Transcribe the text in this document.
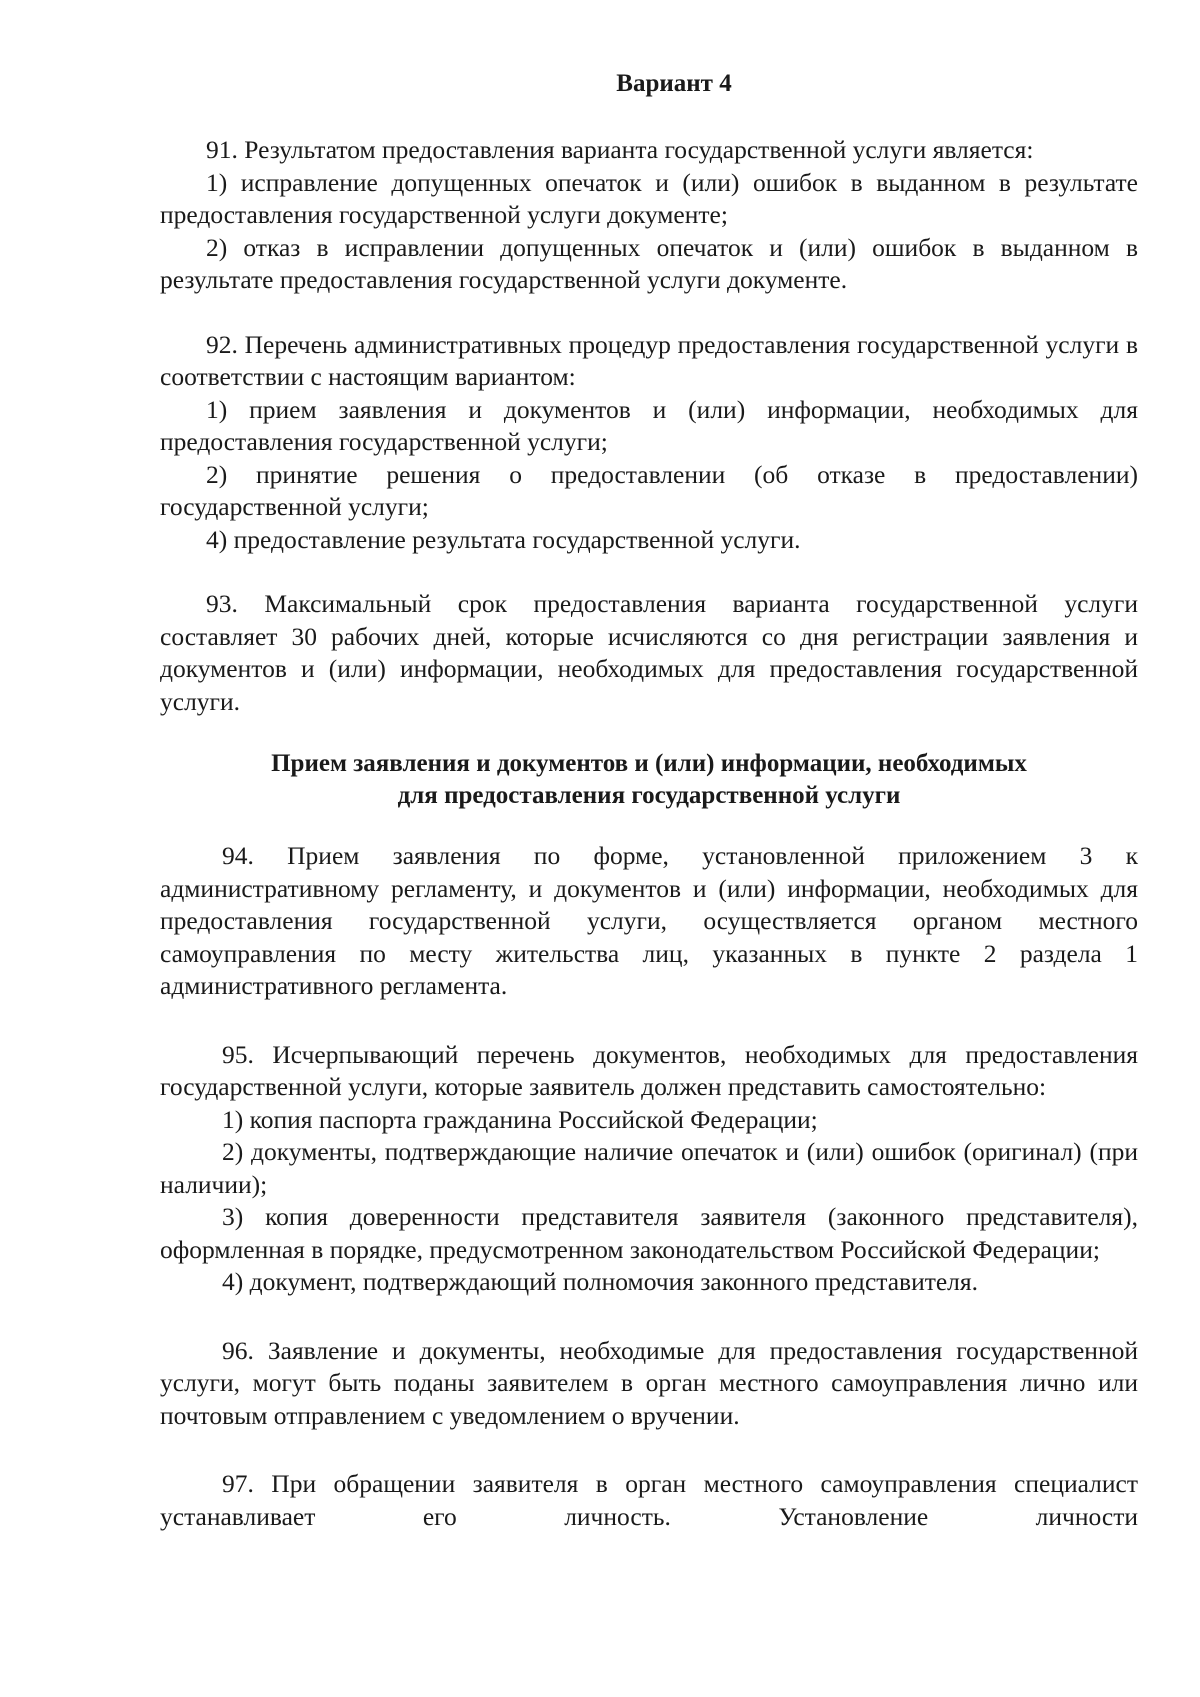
Вариант 4

91. Результатом предоставления варианта государственной услуги является:

1) исправление допущенных опечаток и (или) ошибок в выданном в результате предоставления государственной услуги документе;

2) отказ в исправлении допущенных опечаток и (или) ошибок в выданном в результате предоставления государственной услуги документе.

92. Перечень административных процедур предоставления государственной услуги в соответствии с настоящим вариантом:

1) прием заявления и документов и (или) информации, необходимых для предоставления государственной услуги;

2) принятие решения о предоставлении (об отказе в предоставлении) государственной услуги;

4) предоставление результата государственной услуги.

93. Максимальный срок предоставления варианта государственной услуги составляет 30 рабочих дней, которые исчисляются со дня регистрации заявления и документов и (или) информации, необходимых для предоставления государственной услуги.

Прием заявления и документов и (или) информации, необходимых

для предоставления государственной услуги

94. Прием заявления по форме, установленной приложением 3 к административному регламенту, и документов и (или) информации, необходимых для предоставления государственной услуги, осуществляется органом местного самоуправления по месту жительства лиц, указанных в пункте 2 раздела 1 административного регламента.

95. Исчерпывающий перечень документов, необходимых для предоставления государственной услуги, которые заявитель должен представить самостоятельно:

1) копия паспорта гражданина Российской Федерации;

2) документы, подтверждающие наличие опечаток и (или) ошибок (оригинал) (при наличии);

3) копия доверенности представителя заявителя (законного представителя), оформленная в порядке, предусмотренном законодательством Российской Федерации;

4) документ, подтверждающий полномочия законного представителя.

96. Заявление и документы, необходимые для предоставления государственной услуги, могут быть поданы заявителем в орган местного самоуправления лично или почтовым отправлением с уведомлением о вручении.

97. При обращении заявителя в орган местного самоуправления специалист устанавливает его личность. Установление личности
